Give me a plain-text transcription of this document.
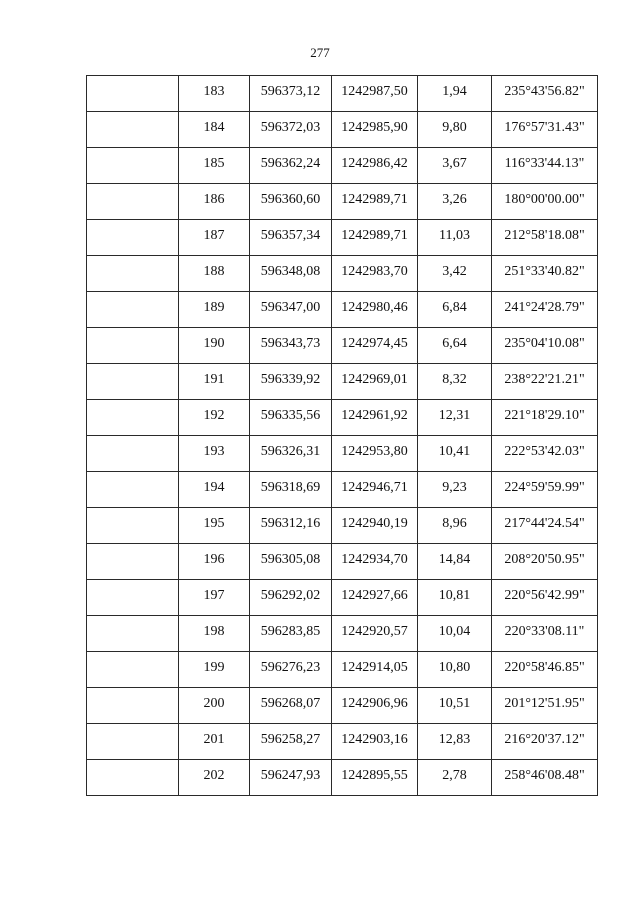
277
	183	596373,12	1242987,50	1,94	235°43'56.82"
	184	596372,03	1242985,90	9,80	176°57'31.43"
	185	596362,24	1242986,42	3,67	116°33'44.13"
	186	596360,60	1242989,71	3,26	180°00'00.00"
	187	596357,34	1242989,71	11,03	212°58'18.08"
	188	596348,08	1242983,70	3,42	251°33'40.82"
	189	596347,00	1242980,46	6,84	241°24'28.79"
	190	596343,73	1242974,45	6,64	235°04'10.08"
	191	596339,92	1242969,01	8,32	238°22'21.21"
	192	596335,56	1242961,92	12,31	221°18'29.10"
	193	596326,31	1242953,80	10,41	222°53'42.03"
	194	596318,69	1242946,71	9,23	224°59'59.99"
	195	596312,16	1242940,19	8,96	217°44'24.54"
	196	596305,08	1242934,70	14,84	208°20'50.95"
	197	596292,02	1242927,66	10,81	220°56'42.99"
	198	596283,85	1242920,57	10,04	220°33'08.11"
	199	596276,23	1242914,05	10,80	220°58'46.85"
	200	596268,07	1242906,96	10,51	201°12'51.95"
	201	596258,27	1242903,16	12,83	216°20'37.12"
	202	596247,93	1242895,55	2,78	258°46'08.48"
